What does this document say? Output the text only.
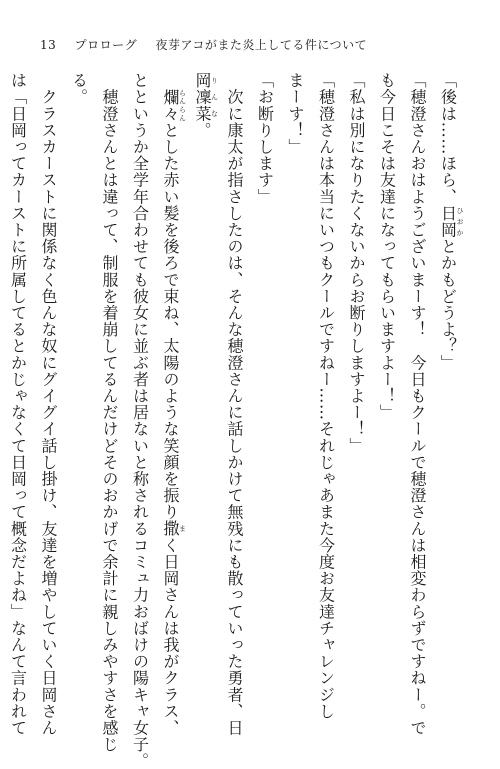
13 プロローグ 夜芽アコがまた炎上してる件について
「後は……ほら、日岡ひおかとかもどうよ？」
「穂澄さんおはようございまーす！　今日もクールで穂澄さんは相変わらずですねー。で
も今日こそは友達になってもらいますよー！」
「私は別になりたくないからお断りしますよー！」
「穂澄さんは本当にいつもクールですねー……それじゃあまた今度お友達チャレンジし
まーす！」
「お断りします」
　次に康太が指さしたのは、そんな穂澄さんに話しかけて無残にも散っていった勇者、日
岡凜菜りんな。
　爛々らんらんとした赤い髪を後ろで束ね、太陽のような笑顔を振り撒まく日岡さんは我がクラス、
とというか全学年合わせても彼女に並ぶ者は居ないと称されるコミュ力おばけの陽キャ女子。
　穂澄さんとは違って、制服を着崩してるんだけどそのおかげで余計に親しみやすさを感じ
る。
　クラスカーストに関係なく色んな奴にグイグイ話し掛け、友達を増やしていく日岡さん
は「日岡ってカーストに所属してるとかじゃなくて日岡って概念だよね」なんて言われて
